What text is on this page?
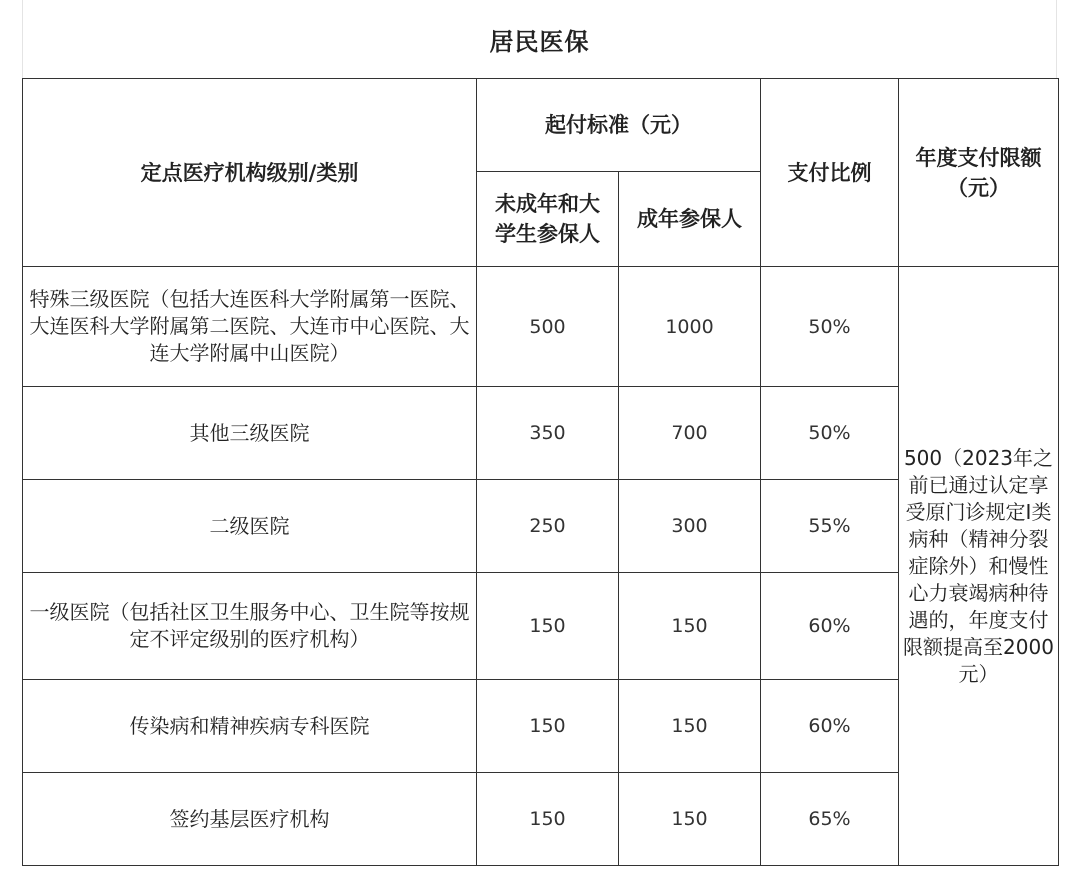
居民医保
定点医疗机构级别/类别	起付标准（元）		支付比例	年度支付限额（元）
	未成年和大学生参保人	成年参保人		
特殊三级医院（包括大连医科大学附属第一医院、大连医科大学附属第二医院、大连市中心医院、大连大学附属中山医院）	500	1000	50%	500（2023年之前已通过认定享受原门诊规定Ⅰ类病种（精神分裂症除外）和慢性心力衰竭病种待遇的，年度支付限额提高至2000元）
其他三级医院	350	700	50%	
二级医院	250	300	55%	
一级医院（包括社区卫生服务中心、卫生院等按规定不评定级别的医疗机构）	150	150	60%	
传染病和精神疾病专科医院	150	150	60%	
签约基层医疗机构	150	150	65%	
